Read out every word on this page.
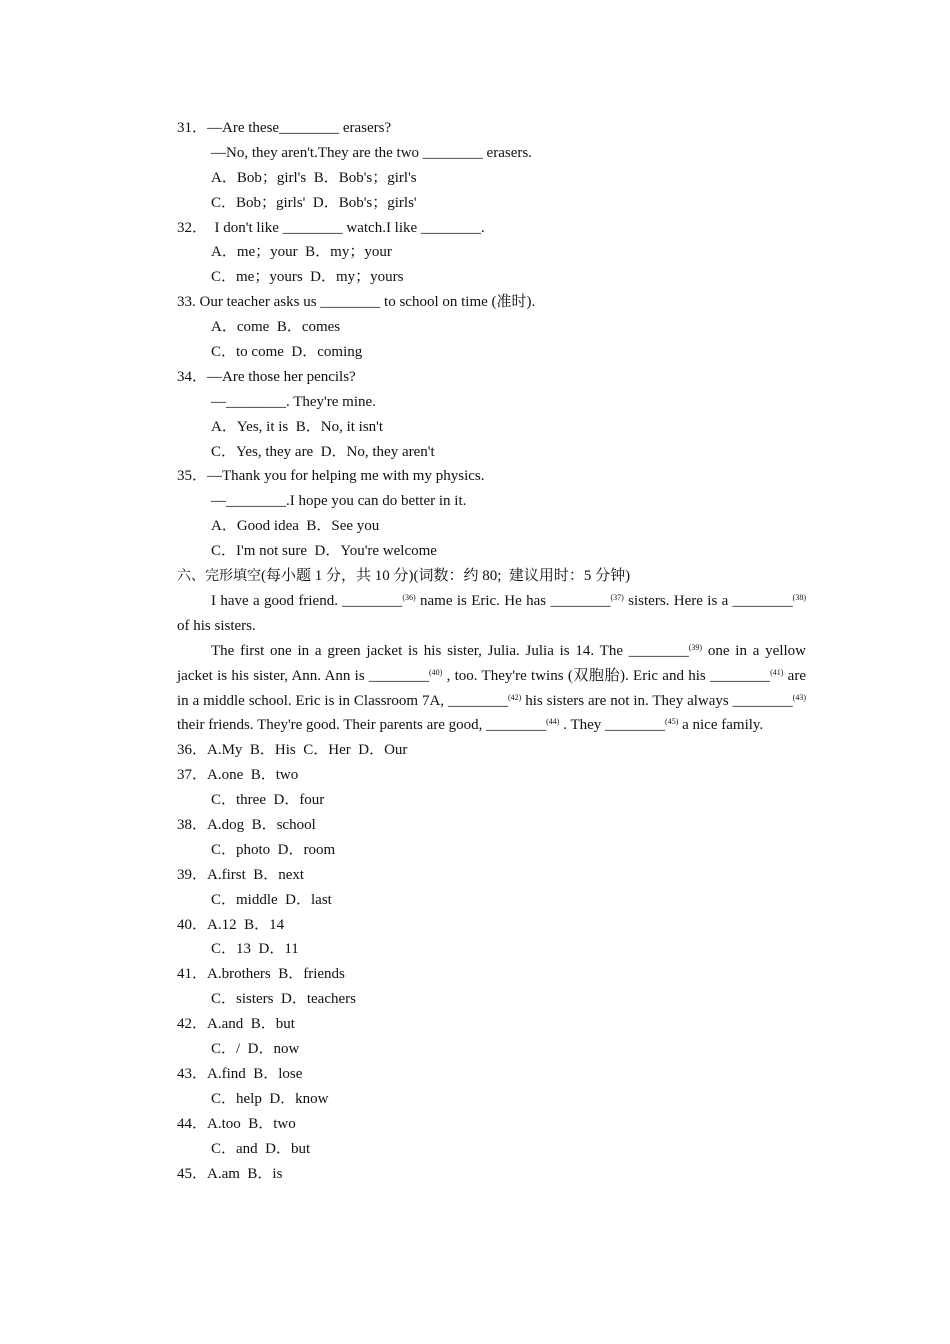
31．—Are these________ erasers?
—No, they aren't.They are the two ________ erasers.
A．Bob；girl's  B．Bob's；girl's
C．Bob；girls'  D．Bob's；girls'
32．  I don't like ________ watch.I like ________.
A．me；your  B．my；your
C．me；yours  D．my；yours
33. Our teacher asks us ________ to school on time (准时).
A．come  B．comes
C．to come  D．coming
34．—Are those her pencils?
—________. They're mine.
A．Yes, it is  B．No, it isn't
C．Yes, they are  D．No, they aren't
35．—Thank you for helping me with my physics.
—________.I hope you can do better in it.
A．Good idea  B．See you
C．I'm not sure  D．You're welcome
六、完形填空(每小题 1 分，共 10 分)(词数：约 80;  建议用时：5 分钟)
I have a good friend. ________$^{(36)}$ name is Eric. He has ________$^{(37)}$ sisters. Here is a ________$^{(38)}$ of his sisters.
The first one in a green jacket is his sister, Julia. Julia is 14. The ________$^{(39)}$ one in a yellow jacket is his sister, Ann. Ann is ________$^{(40)}$ , too. They're twins (双胞胎). Eric and his ________$^{(41)}$ are in a middle school. Eric is in Classroom 7A, ________$^{(42)}$ his sisters are not in. They always ________$^{(43)}$ their friends. They're good. Their parents are good, ________$^{(44)}$ . They ________$^{(45)}$ a nice family.
36．A.My  B．His  C．Her  D．Our
37．A.one  B．two
C．three  D．four
38．A.dog  B．school
C．photo  D．room
39．A.first  B．next
C．middle  D．last
40．A.12  B．14
C．13  D．11
41．A.brothers  B．friends
C．sisters  D．teachers
42．A.and  B．but
C．/  D．now
43．A.find  B．lose
C．help  D．know
44．A.too  B．two
C．and  D．but
45．A.am  B．is
